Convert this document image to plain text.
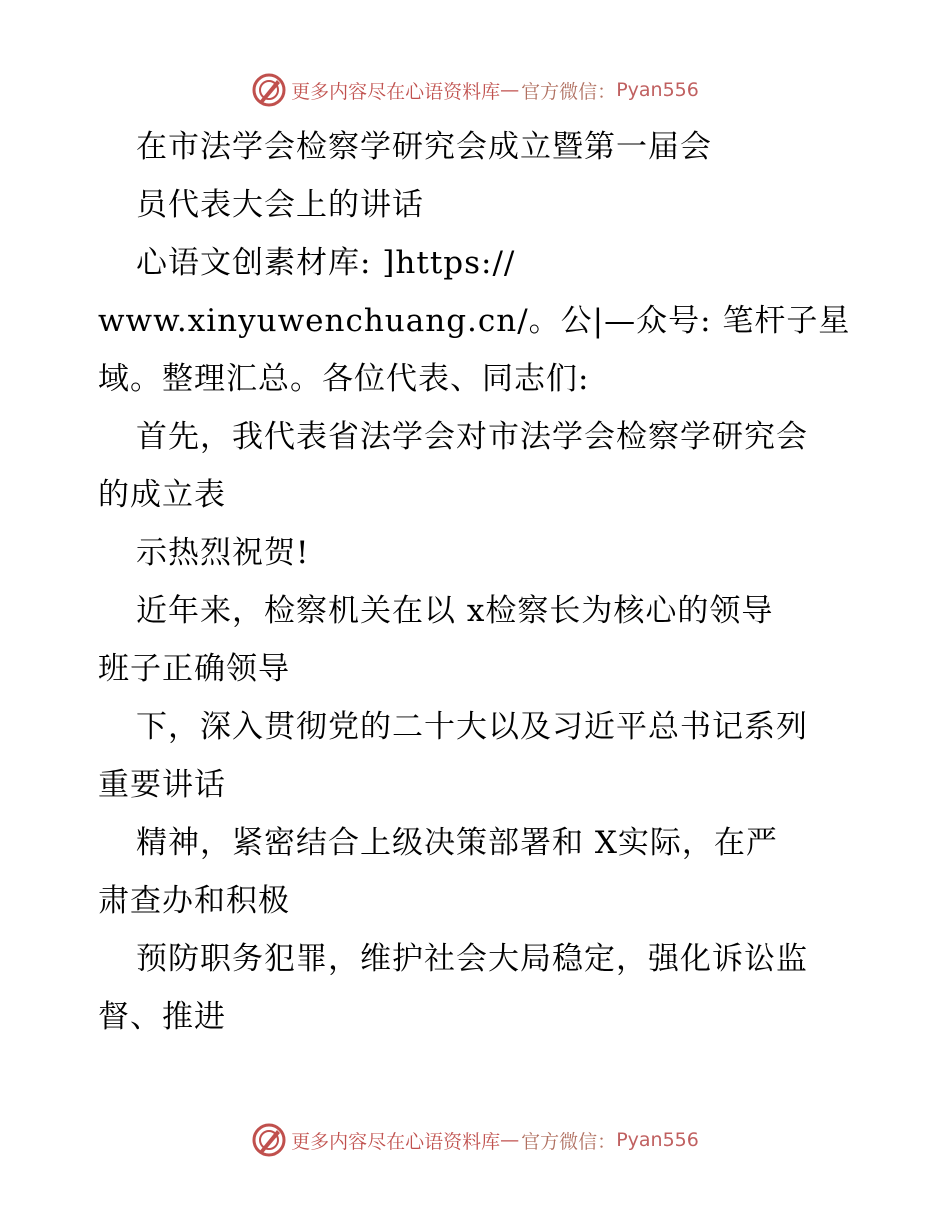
更多内容尽在心语资料库 — 官方微信： Pyan556
在市法学会检察学研究会成立暨第一届会
员代表大会上的讲话
心语文创素材库: ]https://
www.xinyuwenchuang.cn/。公|—众号: 笔杆子星
域。整理汇总。各位代表、同志们:
首先，我代表省法学会对市法学会检察学研究会
的成立表
示热烈祝贺!
近年来，检察机关在以 x检察长为核心的领导
班子正确领导
下，深入贯彻党的二十大以及习近平总书记系列
重要讲话
精神，紧密结合上级决策部署和 X实际，在严
肃查办和积极
预防职务犯罪，维护社会大局稳定，强化诉讼监
督、推进
更多内容尽在心语资料库 — 官方微信： Pyan556
